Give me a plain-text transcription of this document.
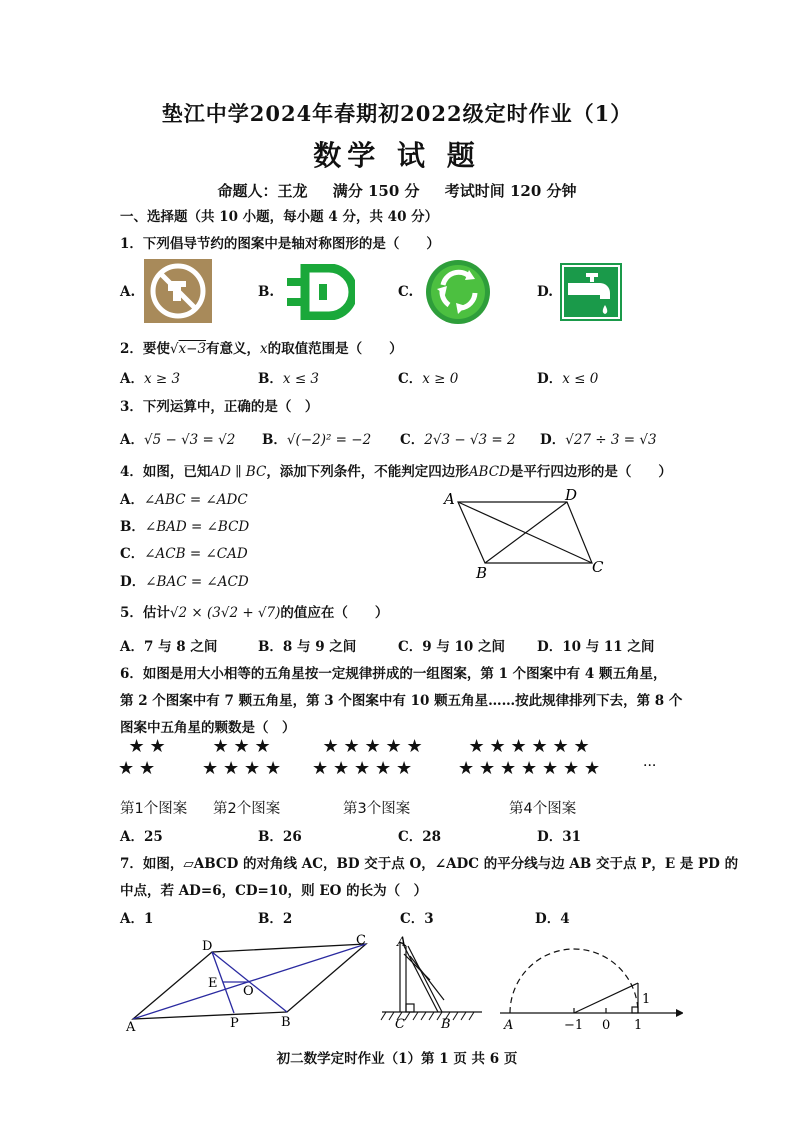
垫江中学2024年春期初2022级定时作业（1）
数学 试 题
命题人：王龙 满分 150 分 考试时间 120 分钟
一、选择题（共 10 小题，每小题 4 分，共 40 分）
1．下列倡导节约的图案中是轴对称图形的是（　　）
A.	B.	C.	D.
2．要使√x−3有意义，x的取值范围是（　　）
A．x ≥ 3	B．x ≤ 3	C．x ≥ 0	D．x ≤ 0
3．下列运算中，正确的是（　）
A．√5 − √3 = √2 B．√(−2)² = −2 C．2√3 − √3 = 2 D．√27 ÷ 3 = √3
4．如图，已知AD ∥ BC，添加下列条件，不能判定四边形ABCD是平行四边形的是（　　）
A．∠ABC = ∠ADC
B．∠BAD = ∠BCD
C．∠ACB = ∠CAD
D．∠BAC = ∠ACD
A	D
B	C
5．估计√2 × (3√2 + √7)的值应在（　　）
A．7 与 8 之间	B．8 与 9 之间	C．9 与 10 之间 D．10 与 11 之间
6．如图是用大小相等的五角星按一定规律拼成的一组图案，第 1 个图案中有 4 颗五角星，
第 2 个图案中有 7 颗五角星，第 3 个图案中有 10 颗五角星……按此规律排列下去，第 8 个
图案中五角星的颗数是（　）
★
★
★
★
★
★
★
★
★
★
★ ★
★
★
★
★
★
★
★
★
★
★
★
★
★
★
★
★
★
★
★
★
★
★	···
第1个图案 第2个图案	第3个图案	第4个图案
A．25	B．26	C．28	D．31
7．如图，▱ABCD 的对角线 AC，BD 交于点 O，∠ADC 的平分线与边 AB 交于点 P，E 是 PD 的
中点，若 AD=6，CD=10，则 EO 的长为（　）
A．1	B．2	C．3	D．4
D	C
A	B
P
E
O
A
C	B	A	−1 0 1
1
初二数学定时作业（1）第 1 页 共 6 页
